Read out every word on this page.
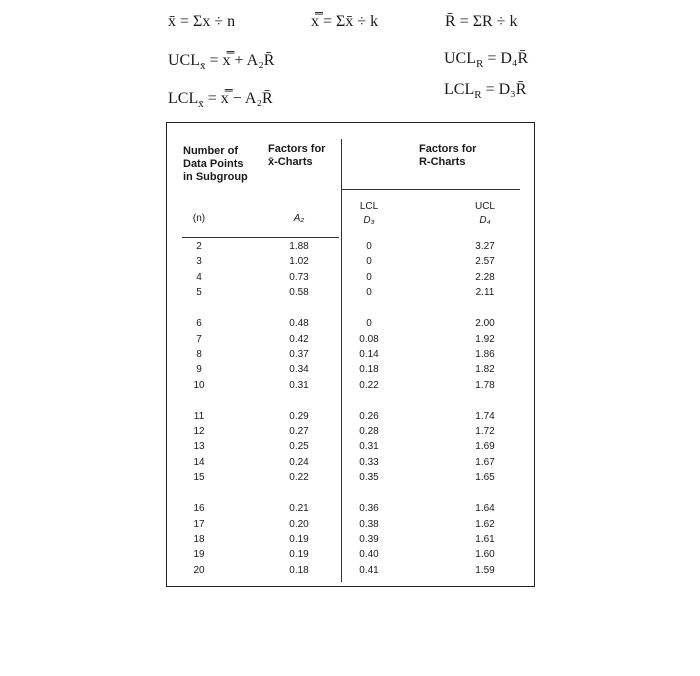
x̄ = Σx ÷ n	x̿ = Σx̄ ÷ k	R̄ = ΣR ÷ k
$UCL_{x̄}$ = x̿ + A₂R̄
$LCL_{x̄}$ = x̿ − A₂R̄
$UCL_R$ = D₄R̄
$LCL_R$ = D₃R̄
Number of
Data Points
in Subgroup
Factors for
x̄-Charts
Factors for
R-Charts
(n)	A₂
LCL
D₃
UCL
D₄
2	1.88	0	3.27
3	1.02	0	2.57
4	0.73	0	2.28
5	0.58	0	2.11
6	0.48	0	2.00
7	0.42	0.08	1.92
8	0.37	0.14	1.86
9	0.34	0.18	1.82
10	0.31	0.22	1.78
11	0.29	0.26	1.74
12	0.27	0.28	1.72
13	0.25	0.31	1.69
14	0.24	0.33	1.67
15	0.22	0.35	1.65
16	0.21	0.36	1.64
17	0.20	0.38	1.62
18	0.19	0.39	1.61
19	0.19	0.40	1.60
20	0.18	0.41	1.59
